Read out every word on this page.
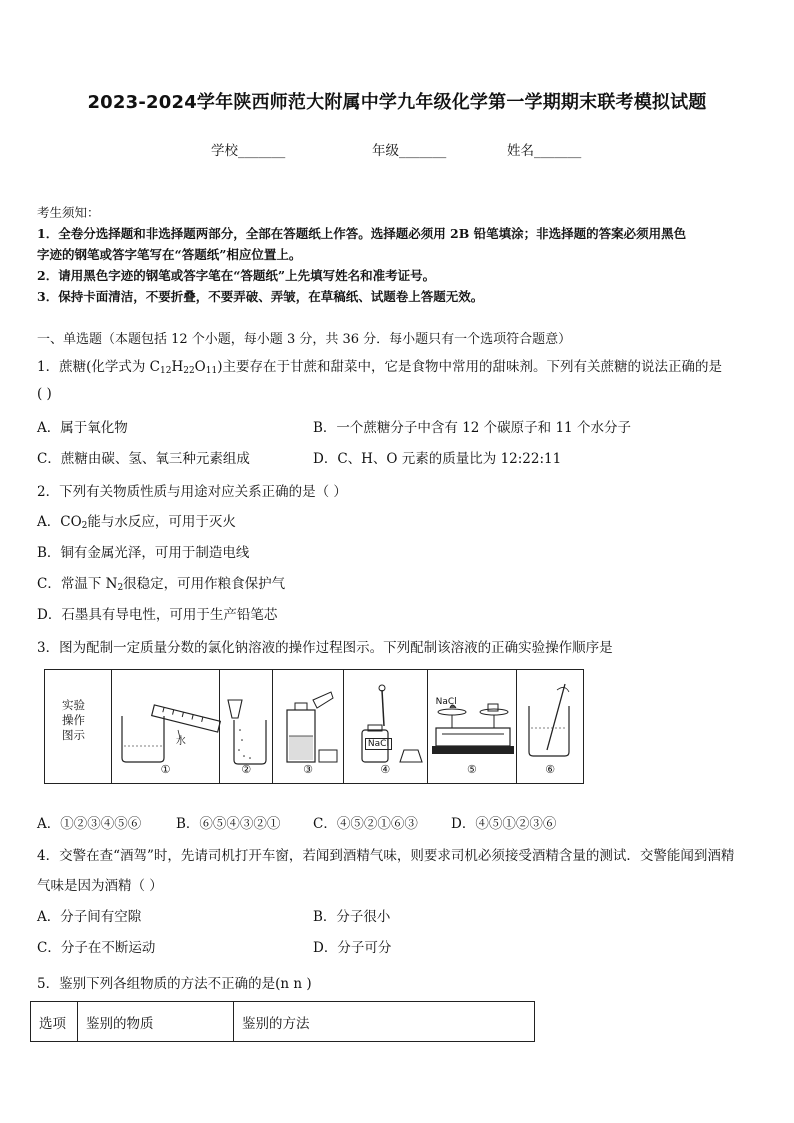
2023-2024学年陕西师范大附属中学九年级化学第一学期期末联考模拟试题
学校_______	年级_______	姓名_______
考生须知：
1．全卷分选择题和非选择题两部分，全部在答题纸上作答。选择题必须用 2B 铅笔填涂；非选择题的答案必须用黑色
字迹的钢笔或答字笔写在“答题纸”相应位置上。
2．请用黑色字迹的钢笔或答字笔在“答题纸”上先填写姓名和准考证号。
3．保持卡面清洁，不要折叠，不要弄破、弄皱，在草稿纸、试题卷上答题无效。
一、单选题（本题包括 12 个小题，每小题 3 分，共 36 分．每小题只有一个选项符合题意）
1．蔗糖(化学式为 $C_{12}H_{22}O_{11}$)主要存在于甘蔗和甜菜中，它是食物中常用的甜味剂。下列有关蔗糖的说法正确的是
( )
A．属于氧化物	B．一个蔗糖分子中含有 12 个碳原子和 11 个水分子
C．蔗糖由碳、氢、氧三种元素组成	D．C、H、O 元素的质量比为 12:22:11
2．下列有关物质性质与用途对应关系正确的是（ ）
A．$CO_2$能与水反应，可用于灭火
B．铜有金属光泽，可用于制造电线
C．常温下 $N_2$很稳定，可用作粮食保护气
D．石墨具有导电性，可用于生产铅笔芯
3．图为配制一定质量分数的氯化钠溶液的操作过程图示。下列配制该溶液的正确实验操作顺序是
实验
操作
图示	水
①	②	③
NaCl
④
NaCl
⑤	⑥
A．①②③④⑤⑥	B．⑥⑤④③②① C．④⑤②①⑥③ D．④⑤①②③⑥
4．交警在查“酒驾”时，先请司机打开车窗，若闻到酒精气味，则要求司机必须接受酒精含量的测试．交警能闻到酒精
气味是因为酒精（ ）
A．分子间有空隙	B．分子很小
C．分子在不断运动	D．分子可分
5．鉴别下列各组物质的方法不正确的是(n n )
选项	鉴别的物质	鉴别的方法
